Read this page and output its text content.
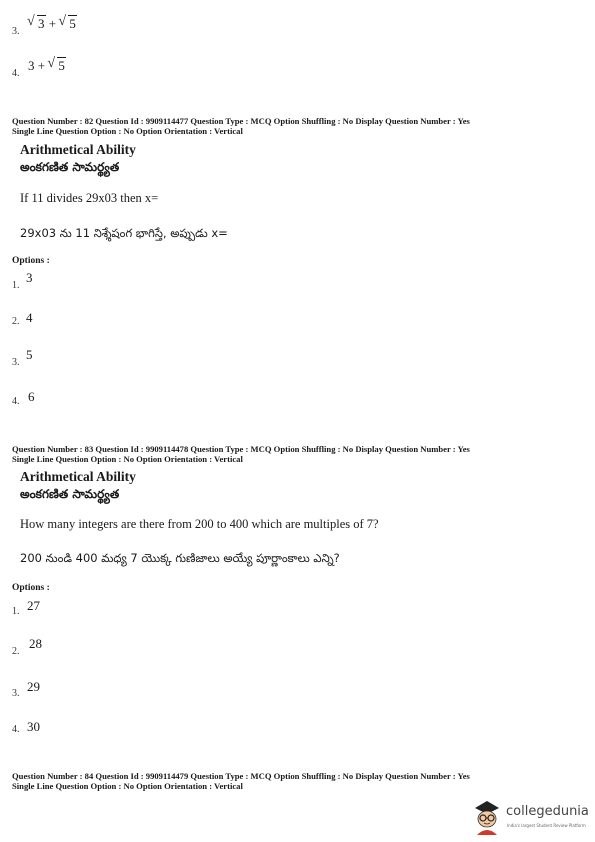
3.
√ 3 + √ 5
4.
3 + √ 5
Question Number : 82 Question Id : 9909114477 Question Type : MCQ Option Shuffling : No Display Question Number : Yes
Single Line Question Option : No Option Orientation : Vertical
Arithmetical Ability
అంకగణిత సామర్థ్యత
If 11 divides 29x03 then x=
29x03 ను 11 నిశ్శేషంగ భాగిస్తే, అప్పుడు x=
Options :
1.
3
2. 4
3.
5
4. 6
Question Number : 83 Question Id : 9909114478 Question Type : MCQ Option Shuffling : No Display Question Number : Yes
Single Line Question Option : No Option Orientation : Vertical
Arithmetical Ability
అంకగణిత సామర్థ్యత
How many integers are there from 200 to 400 which are multiples of 7?
200 నుండి 400 మధ్య 7 యొక్క గుణిజాలు అయ్యే పూర్ణాంకాలు ఎన్ని?
Options :
1. 27
2.
28
3. 29
4. 30
Question Number : 84 Question Id : 9909114479 Question Type : MCQ Option Shuffling : No Display Question Number : Yes
Single Line Question Option : No Option Orientation : Vertical
collegedunia
India's largest Student Review Platform
